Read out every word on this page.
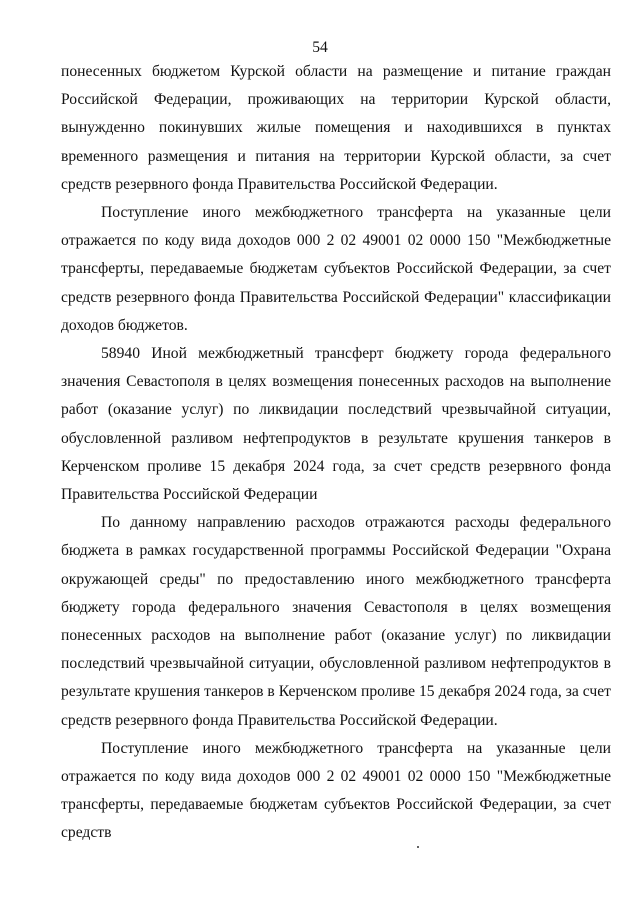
54

понесенных бюджетом Курской области на размещение и питание граждан Российской Федерации, проживающих на территории Курской области, вынужденно покинувших жилые помещения и находившихся в пунктах временного размещения и питания на территории Курской области, за счет средств резервного фонда Правительства Российской Федерации.

Поступление иного межбюджетного трансферта на указанные цели отражается по коду вида доходов 000 2 02 49001 02 0000 150 "Межбюджетные трансферты, передаваемые бюджетам субъектов Российской Федерации, за счет средств резервного фонда Правительства Российской Федерации" классификации доходов бюджетов.

58940 Иной межбюджетный трансферт бюджету города федерального значения Севастополя в целях возмещения понесенных расходов на выполнение работ (оказание услуг) по ликвидации последствий чрезвычайной ситуации, обусловленной разливом нефтепродуктов в результате крушения танкеров в Керченском проливе 15 декабря 2024 года, за счет средств резервного фонда Правительства Российской Федерации

По данному направлению расходов отражаются расходы федерального бюджета в рамках государственной программы Российской Федерации "Охрана окружающей среды" по предоставлению иного межбюджетного трансферта бюджету города федерального значения Севастополя в целях возмещения понесенных расходов на выполнение работ (оказание услуг) по ликвидации последствий чрезвычайной ситуации, обусловленной разливом нефтепродуктов в результате крушения танкеров в Керченском проливе 15 декабря 2024 года, за счет средств резервного фонда Правительства Российской Федерации.

Поступление иного межбюджетного трансферта на указанные цели отражается по коду вида доходов 000 2 02 49001 02 0000 150 "Межбюджетные трансферты, передаваемые бюджетам субъектов Российской Федерации, за счет средств
